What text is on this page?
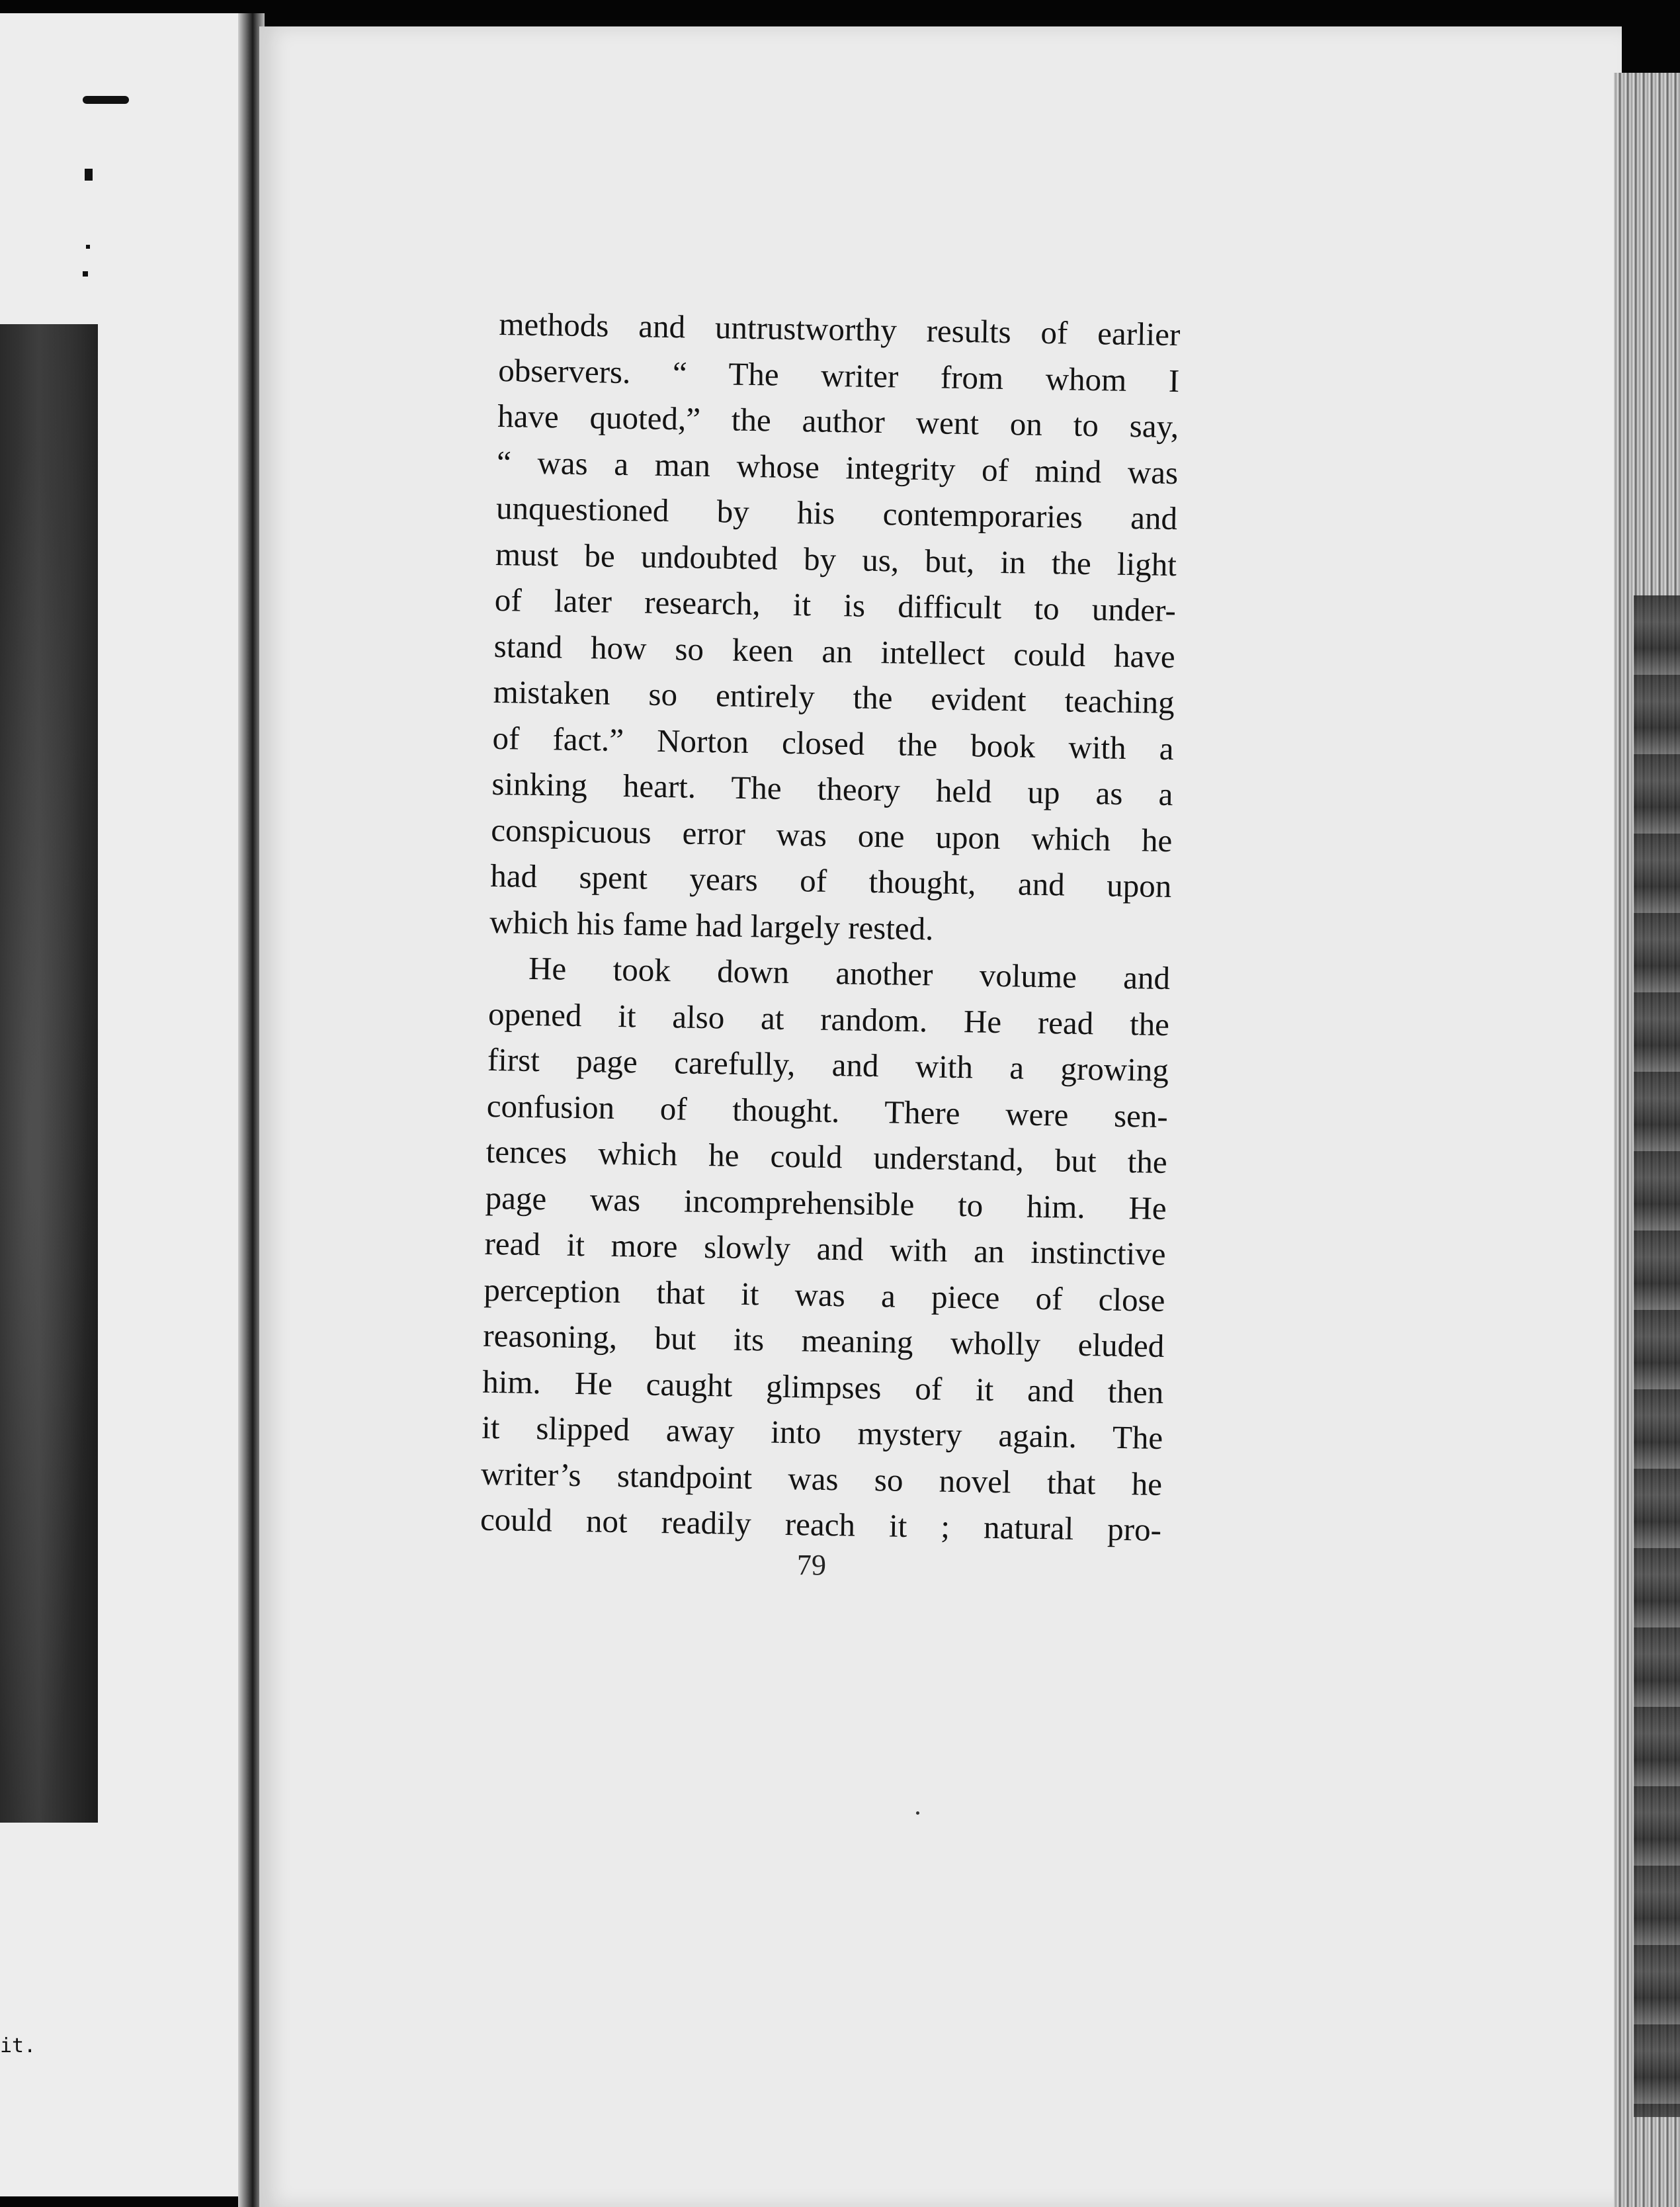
it.
methods and untrustworthy results of earlier
observers. “ The writer from whom I
have quoted,” the author went on to say,
“ was a man whose integrity of mind was
unquestioned by his contemporaries and
must be undoubted by us, but, in the light
of later research, it is difficult to under-
stand how so keen an intellect could have
mistaken so entirely the evident teaching
of fact.” Norton closed the book with a
sinking heart. The theory held up as a
conspicuous error was one upon which he
had spent years of thought, and upon
which his fame had largely rested.
He took down another volume and
opened it also at random. He read the
first page carefully, and with a growing
confusion of thought. There were sen-
tences which he could understand, but the
page was incomprehensible to him. He
read it more slowly and with an instinctive
perception that it was a piece of close
reasoning, but its meaning wholly eluded
him. He caught glimpses of it and then
it slipped away into mystery again. The
writer’s standpoint was so novel that he
could not readily reach it ; natural pro-
79
